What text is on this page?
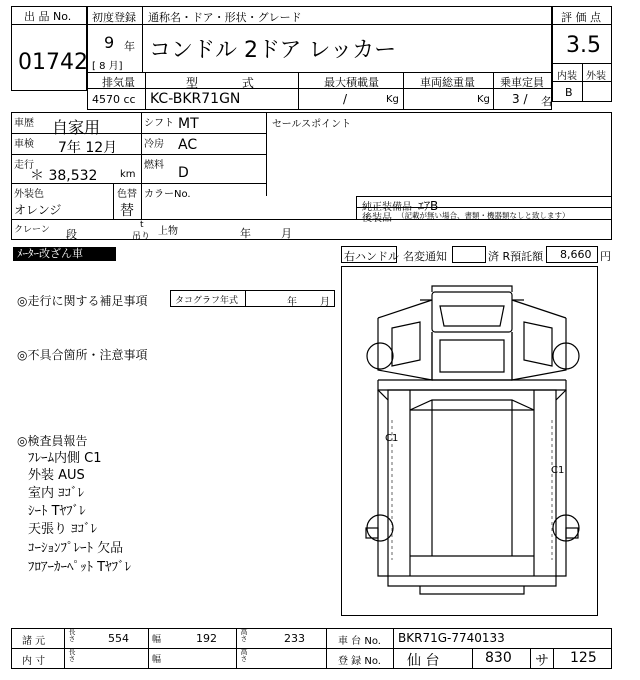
出 品 No.
01742
初度登録 通称名・ドア・形状・グレード
9 年
[ 8 月]
コンドル 2ドア レッカー
排気量	型 式	最大積載量	車両総重量 乗車定員
4570 cc KC-BKR71GN	/	Kg	Kg 3 / 名
評 価 点
3.5
内装 外装
B
車歴 自家用	シフト MT
車検 7年 12月	冷房 AC
走行
＊ 38,532 km
燃料 D
外装色
オレンジ
色替
替
カラーNo.
セールスポイント
純正装備品 ｴｱB
後装品 （記載が無い場合、書類・機器類なしと致します）
クレーン 段
t
吊り 上物	年	月
ﾒｰﾀｰ改ざん車	右ハンドル 名変通知	済 R預託額 8,660 円
◎走行に関する補足事項	タコグラフ年式	年 月
◎不具合箇所・注意事項
◎検査員報告
ﾌﾚｰﾑ内側 C1
外装 AUS
室内 ﾖｺﾞﾚ
ｼｰﾄ Tﾔﾌﾞﾚ
天張り ﾖｺﾞﾚ
ｺｰｼｮﾝﾌﾟﾚｰﾄ 欠品
ﾌﾛｱｰｶｰﾍﾟｯﾄ Tﾔﾌﾞﾚ
C1
C1
諸 元	長さ	554	幅	192	高さ	233	車 台 No. BKR71G-7740133
内 寸	長さ	幅	高さ	登 録 No. 仙 台	830 サ 125
